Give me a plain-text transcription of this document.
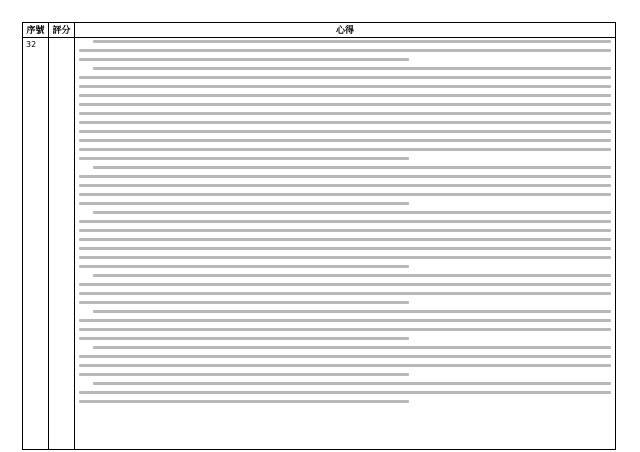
序號	評分	心得
32		
